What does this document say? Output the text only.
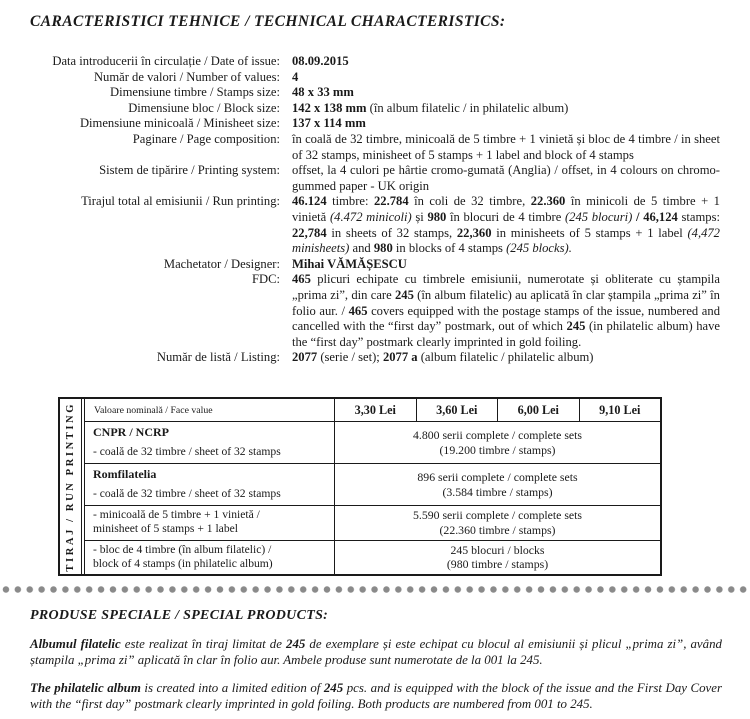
CARACTERISTICI TEHNICE / TECHNICAL CHARACTERISTICS:
Data introducerii în circulație / Date of issue: 08.09.2015
Număr de valori / Number of values: 4
Dimensiune timbre / Stamps size: 48 x 33 mm
Dimensiune bloc / Block size: 142 x 138 mm (în album filatelic / in philatelic album)
Dimensiune minicoală / Minisheet size: 137 x 114 mm
Paginare / Page composition: în coală de 32 timbre, minicoală de 5 timbre + 1 vinietă și bloc de 4 timbre / in sheet of 32 stamps, minisheet of 5 stamps + 1 label and block of 4 stamps
Sistem de tipărire / Printing system: offset, la 4 culori pe hârtie cromo-gumată (Anglia) / offset, in 4 colours on chromo-gummed paper - UK origin
Tirajul total al emisiunii / Run printing: 46.124 timbre: 22.784 în coli de 32 timbre, 22.360 în minicoli de 5 timbre + 1 vinietă (4.472 minicoli) și 980 în blocuri de 4 timbre (245 blocuri) / 46,124 stamps: 22,784 in sheets of 32 stamps, 22,360 in minisheets of 5 stamps + 1 label (4,472 minisheets) and 980 in blocks of 4 stamps (245 blocks).
Machetator / Designer: Mihai VĂMĂȘESCU
FDC: 465 plicuri echipate cu timbrele emisiunii, numerotate și obliterate cu ștampila „prima zi”, din care 245 (în album filatelic) au aplicată în clar ștampila „prima zi” în folio aur. / 465 covers equipped with the postage stamps of the issue, numbered and cancelled with the “first day” postmark, out of which 245 (in philatelic album) have the “first day” postmark clearly imprinted in gold foiling.
Număr de listă / Listing: 2077 (serie / set); 2077 a (album filatelic / philatelic album)
TIRAJ / RUN PRINTING	Valoare nominală / Face value	3,30 Lei	3,60 Lei	6,00 Lei	9,10 Lei
CNPR / NCRP
- coală de 32 timbre / sheet of 32 stamps
4.800 serii complete / complete sets
(19.200 timbre / stamps)
Romfilatelia
- coală de 32 timbre / sheet of 32 stamps
896 serii complete / complete sets
(3.584 timbre / stamps)
- minicoală de 5 timbre + 1 vinietă /
minisheet of 5 stamps + 1 label
5.590 serii complete / complete sets
(22.360 timbre / stamps)
- bloc de 4 timbre (în album filatelic) /
block of 4 stamps (in philatelic album)
245 blocuri / blocks
(980 timbre / stamps)
PRODUSE SPECIALE / SPECIAL PRODUCTS:
Albumul filatelic este realizat în tiraj limitat de 245 de exemplare și este echipat cu blocul al emisiunii și plicul „prima zi”, având ștampila „prima zi” aplicată în clar în folio aur. Ambele produse sunt numerotate de la 001 la 245.
The philatelic album is created into a limited edition of 245 pcs. and is equipped with the block of the issue and the First Day Cover with the “first day” postmark clearly imprinted in gold foiling. Both products are numbered from 001 to 245.
